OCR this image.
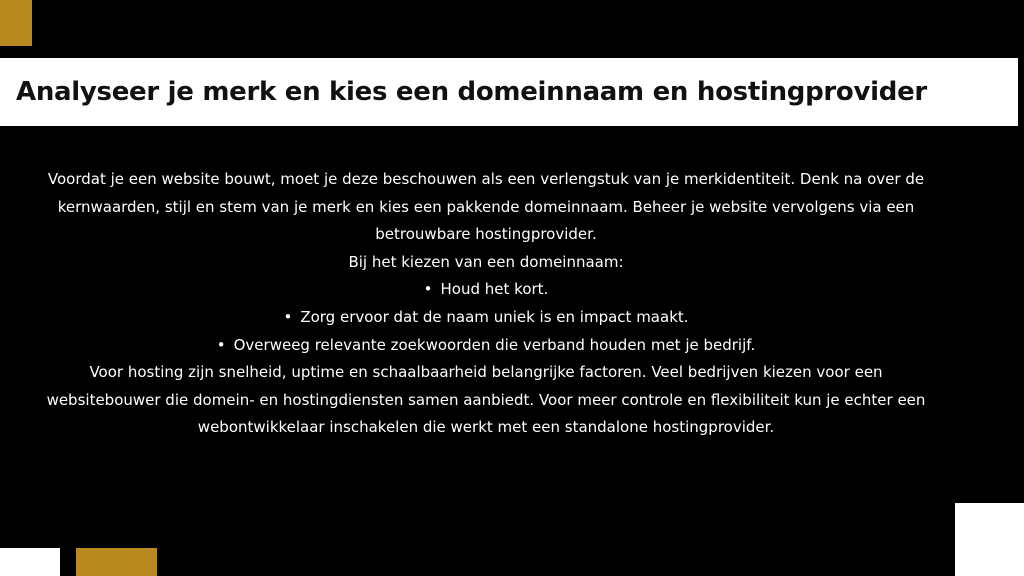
Analyseer je merk en kies een domeinnaam en hostingprovider

Voordat je een website bouwt, moet je deze beschouwen als een verlengstuk van je merkidentiteit. Denk na over de kernwaarden, stijl en stem van je merk en kies een pakkende domeinnaam. Beheer je website vervolgens via een betrouwbare hostingprovider.

Bij het kiezen van een domeinnaam:

• Houd het kort.
• Zorg ervoor dat de naam uniek is en impact maakt.
• Overweeg relevante zoekwoorden die verband houden met je bedrijf.

Voor hosting zijn snelheid, uptime en schaalbaarheid belangrijke factoren. Veel bedrijven kiezen voor een websitebouwer die domein- en hostingdiensten samen aanbiedt. Voor meer controle en flexibiliteit kun je echter een webontwikkelaar inschakelen die werkt met een standalone hostingprovider.
